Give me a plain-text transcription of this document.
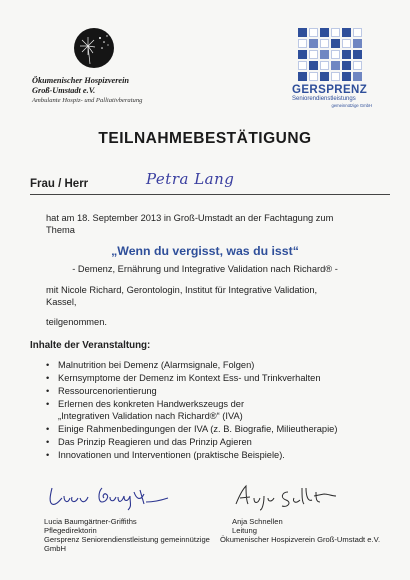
Ökumenischer Hospizverein
Groß-Umstadt e.V.
Ambulante Hospiz- und Palliativberatung
GERSPRENZ
Seniorendienstleistungs
gemeinnützige GmbH
TEILNAHMEBESTÄTIGUNG
Frau / Herr	Petra Lang
hat am 18. September 2013 in Groß-Umstadt an der Fachtagung zum
Thema
„Wenn du vergisst, was du isst“
- Demenz, Ernährung und Integrative Validation nach Richard® -
mit Nicole Richard, Gerontologin, Institut für Integrative Validation,
Kassel,
teilgenommen.
Inhalte der Veranstaltung:
• Malnutrition bei Demenz (Alarmsignale, Folgen)
• Kernsymptome der Demenz im Kontext Ess- und Trinkverhalten
• Ressourcenorientierung
• Erlernen des konkreten Handwerkszeugs der „Integrativen Validation nach Richard®“ (IVA)
• Einige Rahmenbedingungen der IVA (z. B. Biografie, Milieutherapie)
• Das Prinzip Reagieren und das Prinzip Agieren
• Innovationen und Interventionen (praktische Beispiele).
Lucia Baumgärtner-Griffiths
Pflegedirektorin
Gersprenz Seniorendienstleistung gemeinnützige
GmbH
Anja Schnellen
Leitung
Ökumenischer Hospizverein Groß-Umstadt e.V.
